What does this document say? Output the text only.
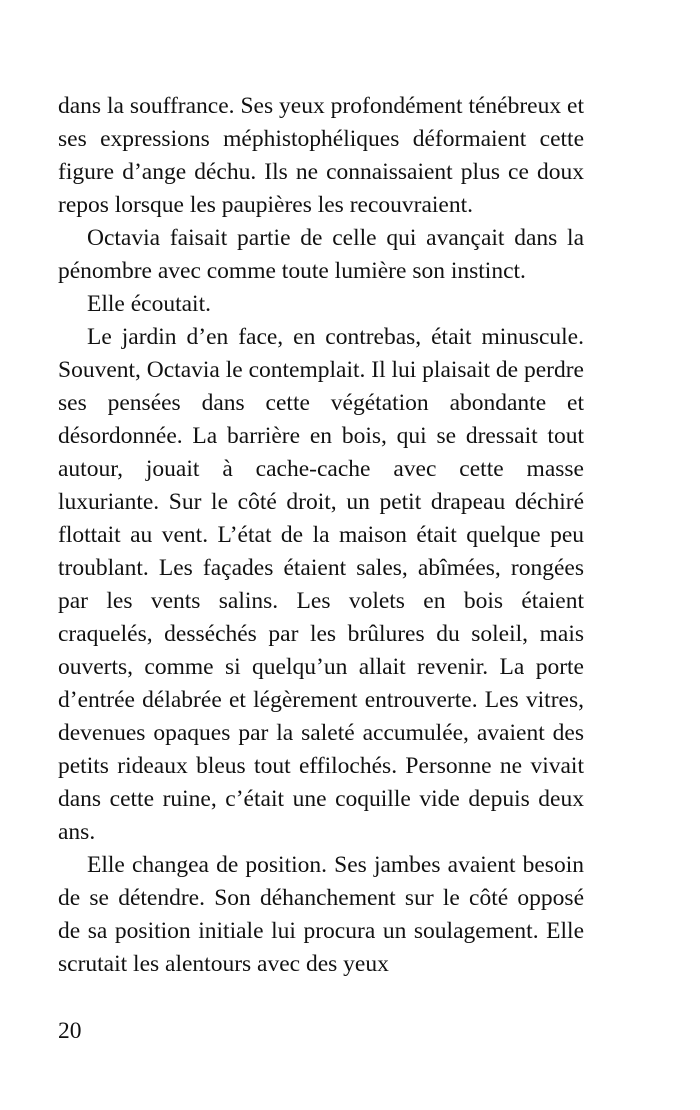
dans la souffrance. Ses yeux profondément ténébreux et ses expressions méphistophéliques déformaient cette figure d’ange déchu. Ils ne connaissaient plus ce doux repos lorsque les paupières les recouvraient.

Octavia faisait partie de celle qui avançait dans la pénombre avec comme toute lumière son instinct.

Elle écoutait.

Le jardin d’en face, en contrebas, était minuscule. Souvent, Octavia le contemplait. Il lui plaisait de perdre ses pensées dans cette végétation abondante et désordonnée. La barrière en bois, qui se dressait tout autour, jouait à cache-cache avec cette masse luxuriante. Sur le côté droit, un petit drapeau déchiré flottait au vent. L’état de la maison était quelque peu troublant. Les façades étaient sales, abîmées, rongées par les vents salins. Les volets en bois étaient craquelés, desséchés par les brûlures du soleil, mais ouverts, comme si quelqu’un allait revenir. La porte d’entrée délabrée et légèrement entrouverte. Les vitres, devenues opaques par la saleté accumulée, avaient des petits rideaux bleus tout effilochés. Personne ne vivait dans cette ruine, c’était une coquille vide depuis deux ans.

Elle changea de position. Ses jambes avaient besoin de se détendre. Son déhanchement sur le côté opposé de sa position initiale lui procura un soulagement. Elle scrutait les alentours avec des yeux

20
